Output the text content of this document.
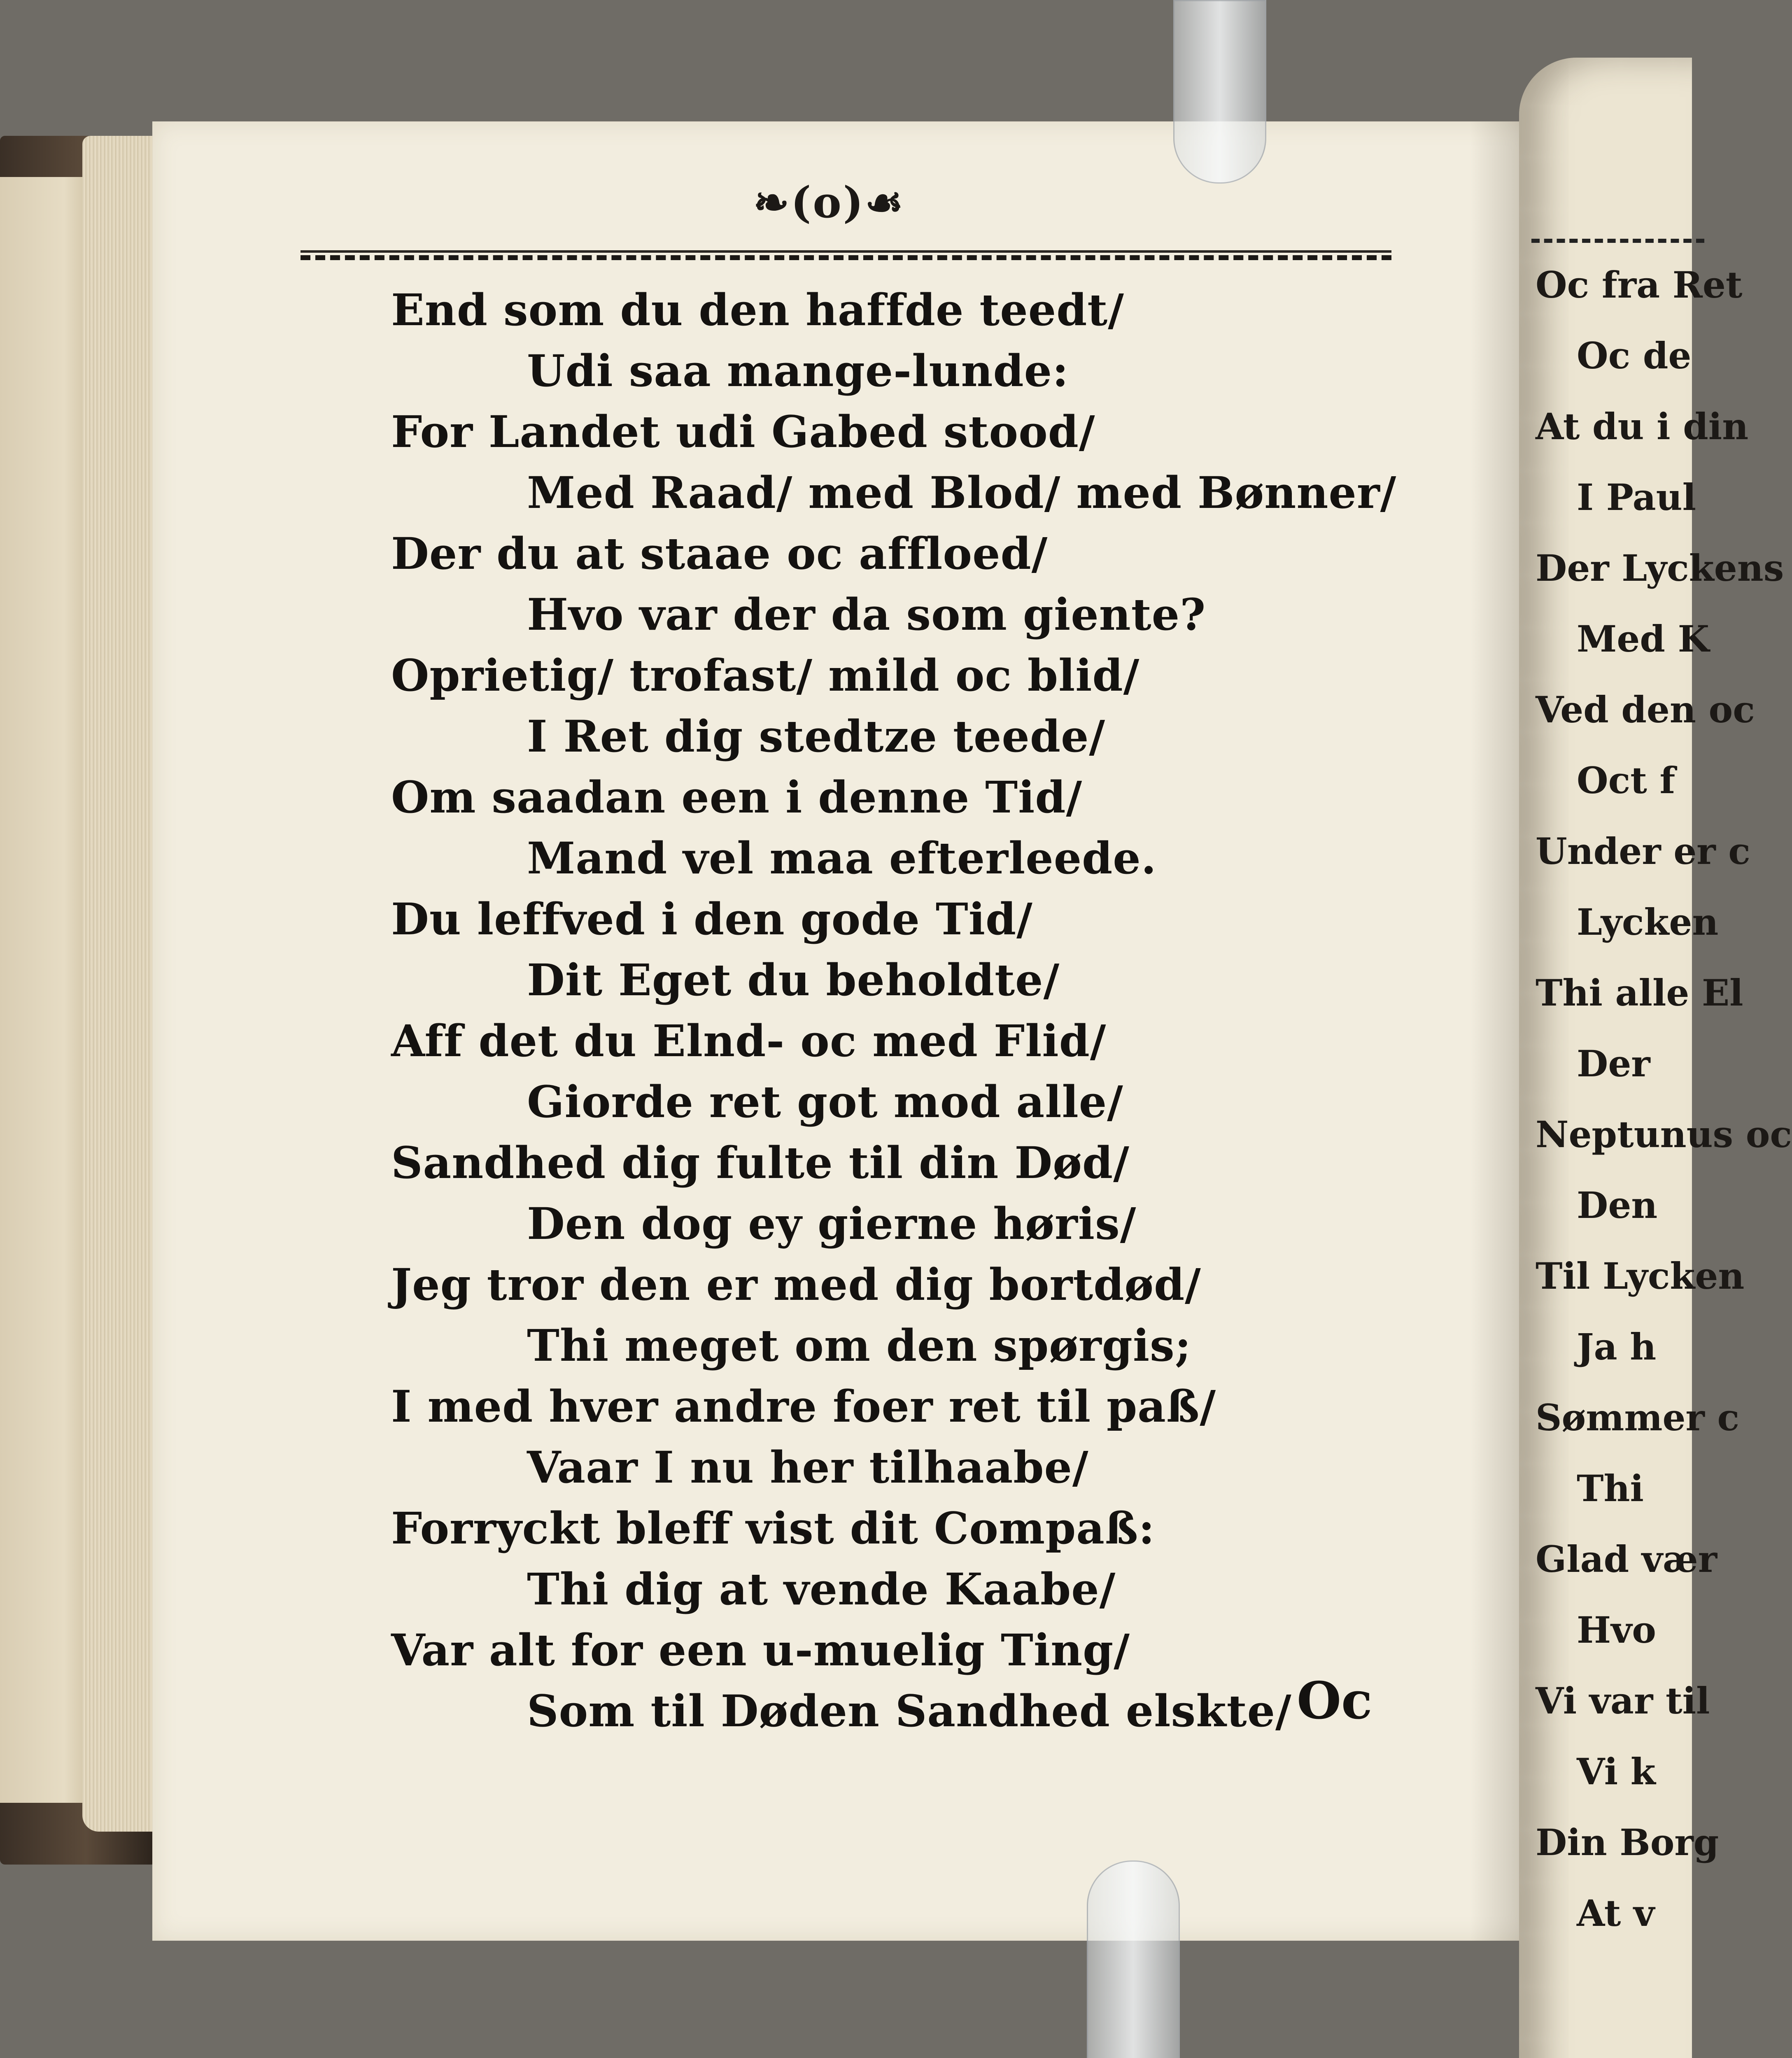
Oc fra Ret
Oc de
At du i din
I Paul
Der Lyckens
Med K
Ved den oc
Oct f
Under er c
Lycken
Thi alle El
Der
Neptunus oc
Den
Til Lycken
Ja h
Sømmer c
Thi
Glad vær
Hvo
Vi var til
Vi k
Din Borg
At v
❧(o)☙
End som du den haffde teedt/
Udi saa mange-lunde:
For Landet udi Gabed stood/
Med Raad/ med Blod/ med Bønner/
Der du at staae oc affloed/
Hvo var der da som giente?
Oprietig/ trofast/ mild oc blid/
I Ret dig stedtze teede/
Om saadan een i denne Tid/
Mand vel maa efterleede.
Du leffved i den gode Tid/
Dit Eget du beholdte/
Aff det du Elnd- oc med Flid/
Giorde ret got mod alle/
Sandhed dig fulte til din Død/
Den dog ey gierne høris/
Jeg tror den er med dig bortdød/
Thi meget om den spørgis;
I med hver andre foer ret til paß/
Vaar I nu her tilhaabe/
Forryckt bleff vist dit Compaß:
Thi dig at vende Kaabe/
Var alt for een u-muelig Ting/
Som til Døden Sandhed elskte/ Oc
